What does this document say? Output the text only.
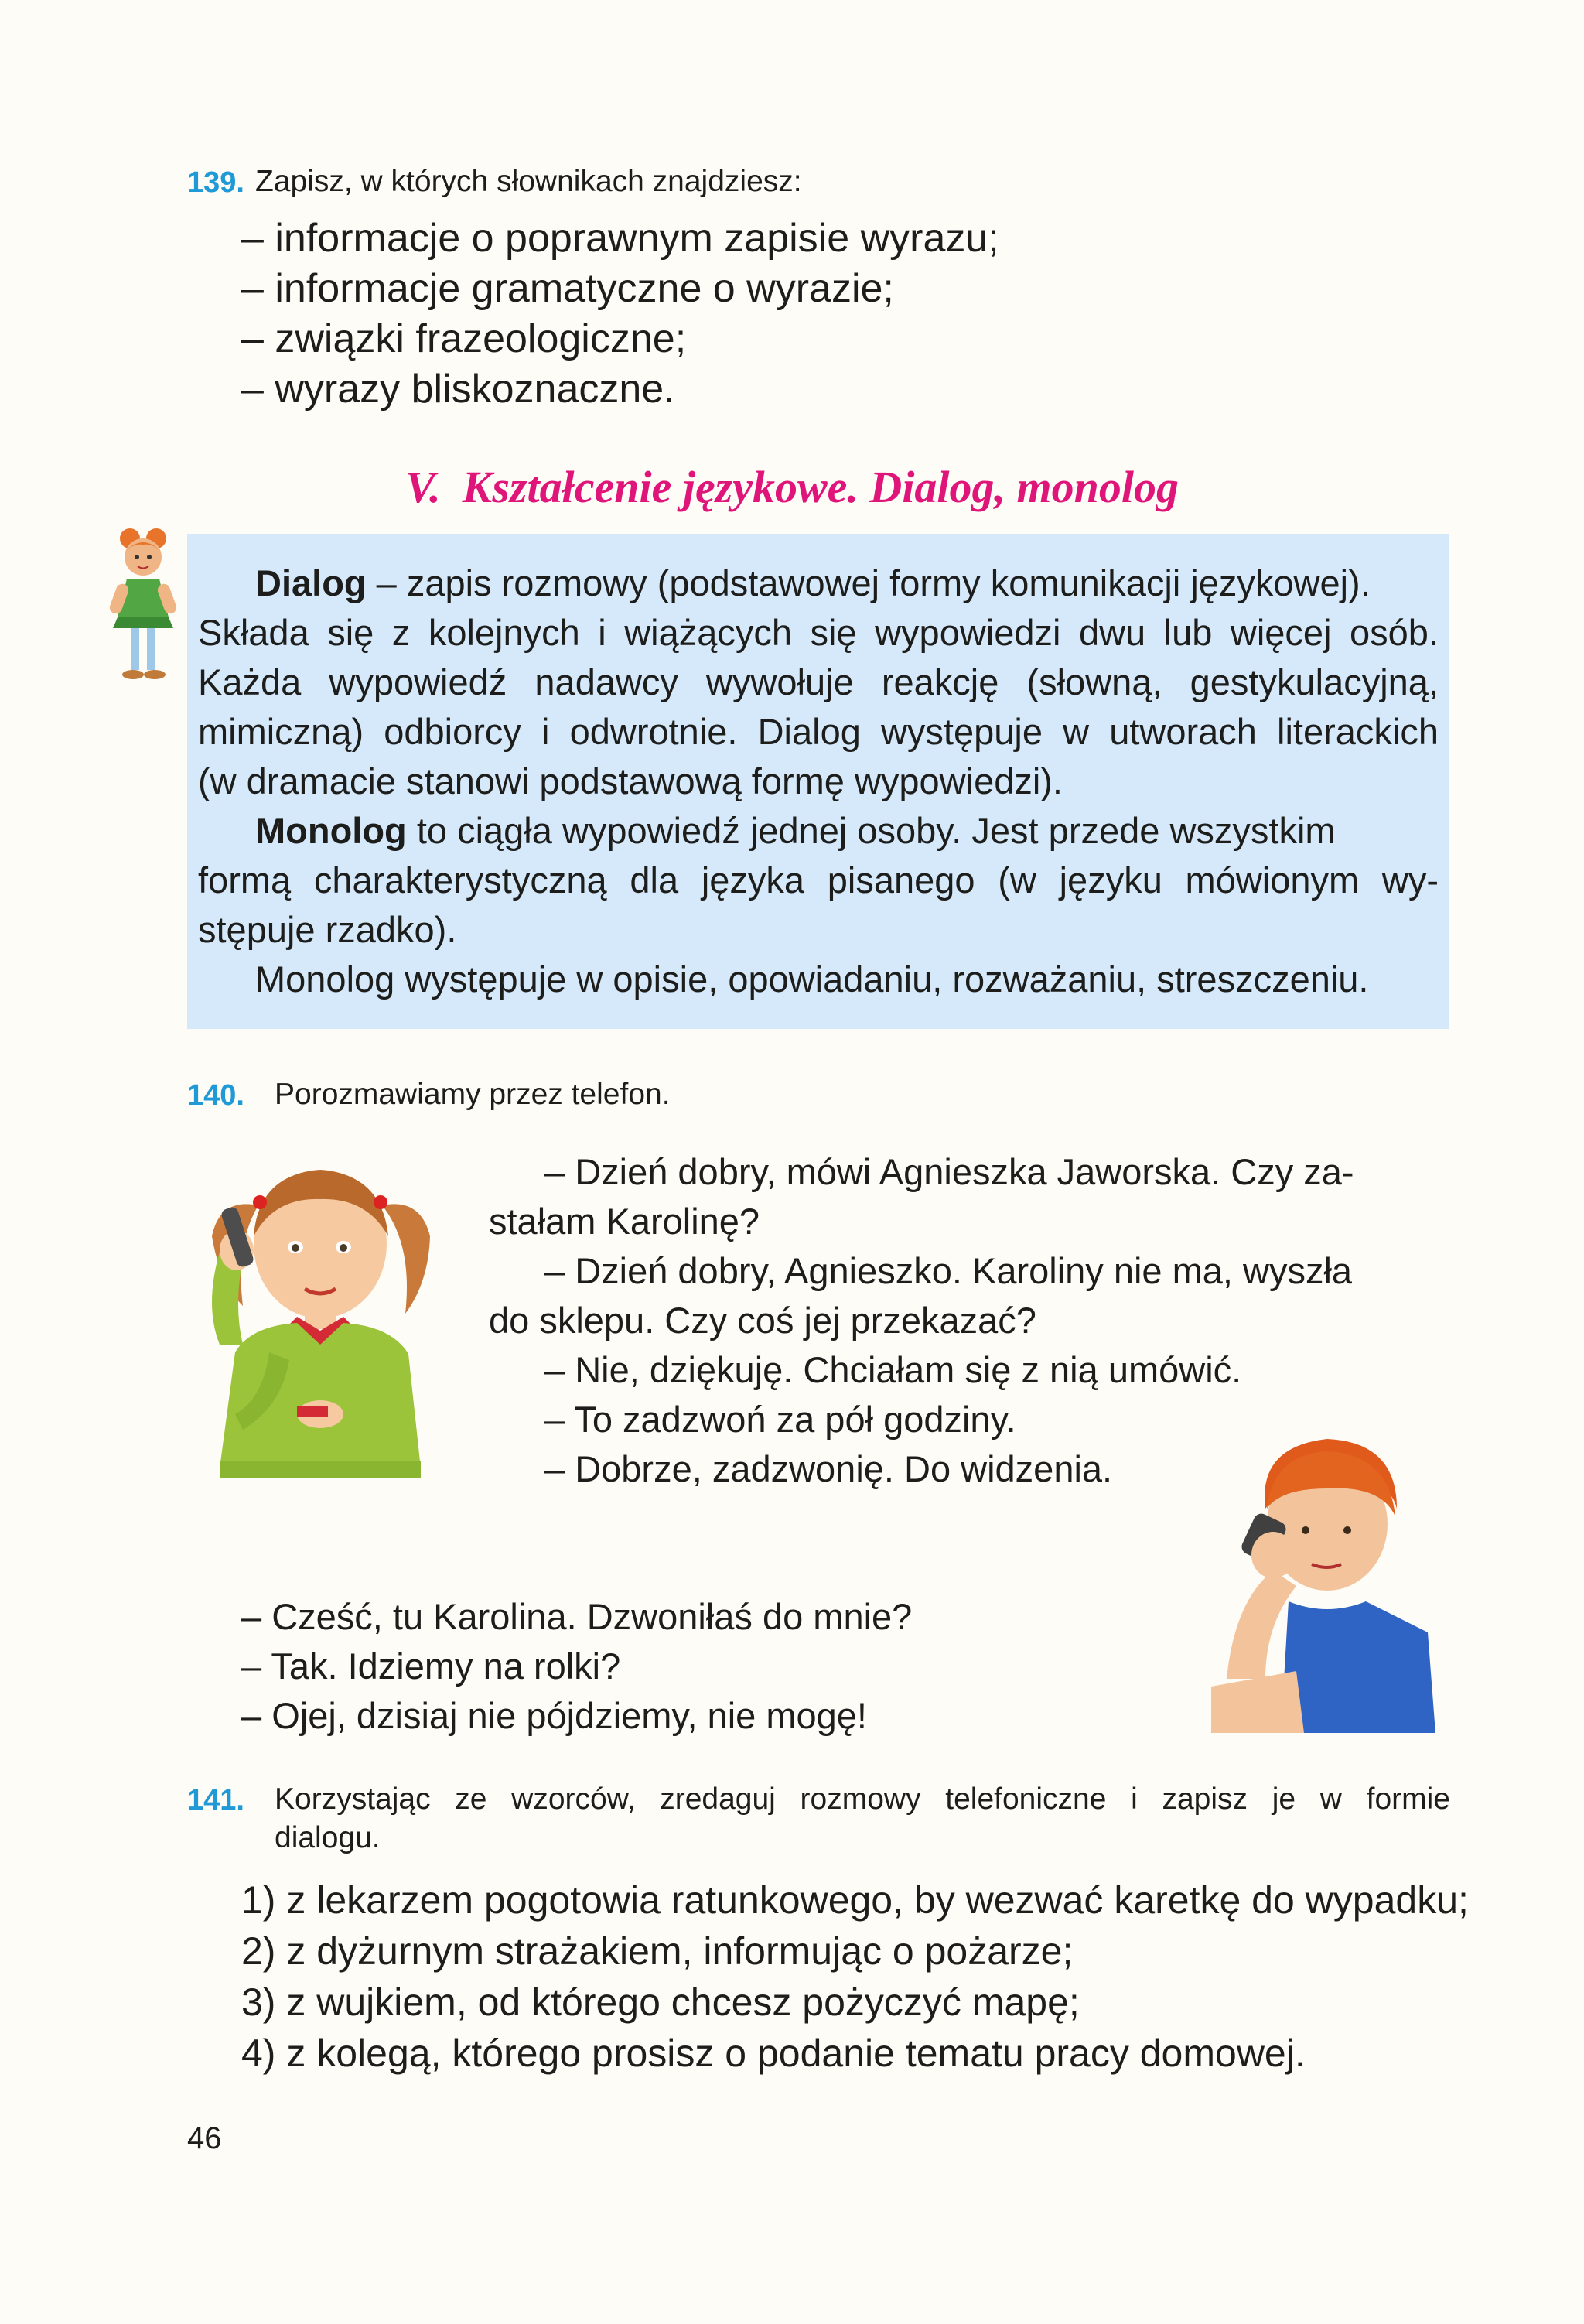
139. Zapisz, w których słownikach znajdziesz:
– informacje o poprawnym zapisie wyrazu;
– informacje gramatyczne o wyrazie;
– związki frazeologiczne;
– wyrazy bliskoznaczne.
V. Kształcenie językowe. Dialog, monolog
Dialog – zapis rozmowy (podstawowej formy komunikacji językowej).
Składa się z kolejnych i wiążących się wypowiedzi dwu lub więcej osób.
Każda wypowiedź nadawcy wywołuje reakcję (słowną, gestykulacyjną,
mimiczną) odbiorcy i odwrotnie. Dialog występuje w utworach literackich
(w dramacie stanowi podstawową formę wypowiedzi).
Monolog to ciągła wypowiedź jednej osoby. Jest przede wszystkim
formą charakterystyczną dla języka pisanego (w języku mówionym wy-
stępuje rzadko).
Monolog występuje w opisie, opowiadaniu, rozważaniu, streszczeniu.
140. Porozmawiamy przez telefon.
– Dzień dobry, mówi Agnieszka Jaworska. Czy za-
stałam Karolinę?
– Dzień dobry, Agnieszko. Karoliny nie ma, wyszła
do sklepu. Czy coś jej przekazać?
– Nie, dziękuję. Chciałam się z nią umówić.
– To zadzwoń za pół godziny.
– Dobrze, zadzwonię. Do widzenia.
– Cześć, tu Karolina. Dzwoniłaś do mnie?
– Tak. Idziemy na rolki?
– Ojej, dzisiaj nie pójdziemy, nie mogę!
141. Korzystając ze wzorców, zredaguj rozmowy telefoniczne i zapisz je w formie
dialogu.
1) z lekarzem pogotowia ratunkowego, by wezwać karetkę do wypadku;
2) z dyżurnym strażakiem, informując o pożarze;
3) z wujkiem, od którego chcesz pożyczyć mapę;
4) z kolegą, którego prosisz o podanie tematu pracy domowej.
46
